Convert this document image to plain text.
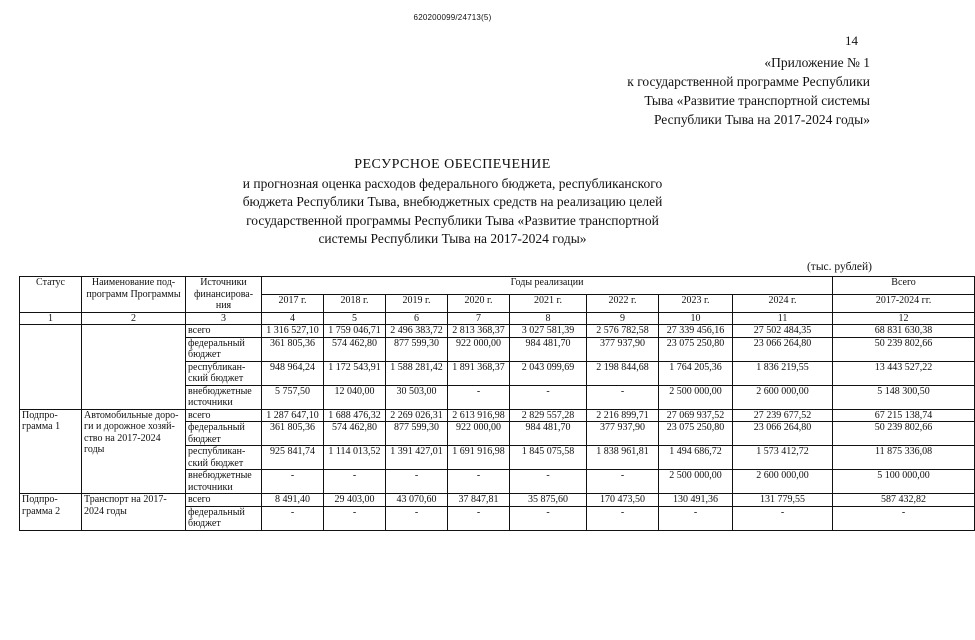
620200099/24713(5)
14
«Приложение № 1
к государственной программе Республики
Тыва «Развитие транспортной системы
Республики Тыва на 2017-2024 годы»
РЕСУРСНОЕ ОБЕСПЕЧЕНИЕ
и прогнозная оценка расходов федерального бюджета, республиканского
бюджета Республики Тыва, внебюджетных средств на реализацию целей
государственной программы Республики Тыва «Развитие транспортной
системы Республики Тыва на 2017-2024 годы»
(тыс. рублей)
Статус	Наименование под-программ Программы	Источники финансирова-ния	Годы реализации								Всего
			2017 г.	2018 г.	2019 г.	2020 г.	2021 г.	2022 г.	2023 г.	2024 г.	2017-2024 гг.
1	2	3	4	5	6	7	8	9	10	11	12
		всего	1 316 527,10	1 759 046,71	2 496 383,72	2 813 368,37	3 027 581,39	2 576 782,58	27 339 456,16	27 502 484,35	68 831 630,38
		федеральный бюджет	361 805,36	574 462,80	877 599,30	922 000,00	984 481,70	377 937,90	23 075 250,80	23 066 264,80	50 239 802,66
		республикан-ский бюджет	948 964,24	1 172 543,91	1 588 281,42	1 891 368,37	2 043 099,69	2 198 844,68	1 764 205,36	1 836 219,55	13 443 527,22
		внебюджетные источники	5 757,50	12 040,00	30 503,00	-	-	-	2 500 000,00	2 600 000,00	5 148 300,50
Подпро-грамма 1	Автомобильные доро-ги и дорожное хозяй-ство на 2017-2024 годы	всего	1 287 647,10	1 688 476,32	2 269 026,31	2 613 916,98	2 829 557,28	2 216 899,71	27 069 937,52	27 239 677,52	67 215 138,74
		федеральный бюджет	361 805,36	574 462,80	877 599,30	922 000,00	984 481,70	377 937,90	23 075 250,80	23 066 264,80	50 239 802,66
		республикан-ский бюджет	925 841,74	1 114 013,52	1 391 427,01	1 691 916,98	1 845 075,58	1 838 961,81	1 494 686,72	1 573 412,72	11 875 336,08
		внебюджетные источники	-	-	-	-	-	-	2 500 000,00	2 600 000,00	5 100 000,00
Подпро-грамма 2	Транспорт на 2017-2024 годы	всего	8 491,40	29 403,00	43 070,60	37 847,81	35 875,60	170 473,50	130 491,36	131 779,55	587 432,82
		федеральный бюджет	-	-	-	-	-	-	-	-	-
